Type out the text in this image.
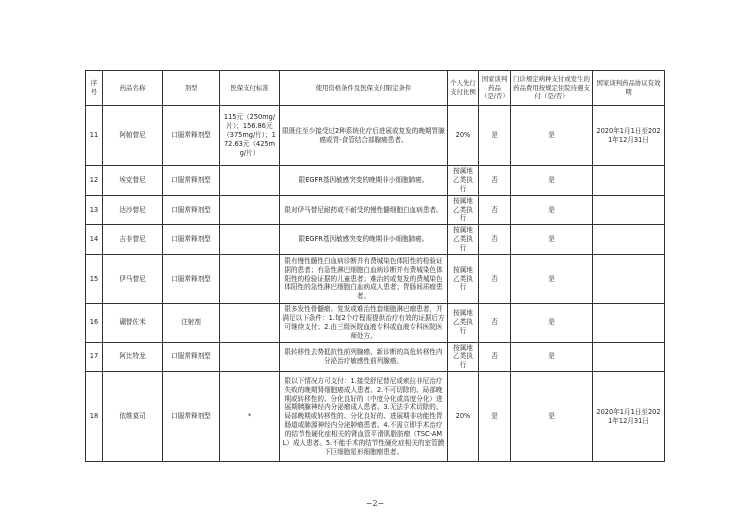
序号	药品名称	剂型	医保支付标准	使用资格条件及医保支付限定条件	个人先行支付比例	国家谈判药品（是/否）	门诊规定病种支付或发生的药品费用按规定住院待遇支付（是/否）	国家谈判药品协议有效期
11	阿帕替尼	口服常释剂型	115元（250mg/片）；156.86元（375mg/片）；172.63元（425mg/片）	限既往至少接受过2种系统化疗后进展或复发的晚期胃腺癌或胃-食管结合部腺癌患者。	20%	是	是	2020年1月1日至2021年12月31日
12	埃克替尼	口服常释剂型		限EGFR基因敏感突变的晚期非小细胞肺癌。	按属地乙类执行	否	是	
13	达沙替尼	口服常释剂型		限对伊马替尼耐药或不耐受的慢性髓细胞白血病患者。	按属地乙类执行	否	是	
14	吉非替尼	口服常释剂型		限EGFR基因敏感突变的晚期非小细胞肺癌。	按属地乙类执行	否	是	
15	伊马替尼	口服常释剂型		限有慢性髓性白血病诊断并有费城染色体阳性的检验证据的患者；有急性淋巴细胞白血病诊断并有费城染色体阳性的检验证据的儿童患者；难治的或复发的费城染色体阳性的急性淋巴细胞白血病成人患者；胃肠间质瘤患者。	按属地乙类执行	否	是	
16	硼替佐米	注射剂		限多发性骨髓瘤、复发或难治性套细胞淋巴瘤患者，并满足以下条件：1.每2个疗程需提供治疗有效的证据后方可继续支付；2.由三级医院血液专科或血液专科医院医师处方。	按属地乙类执行	否	是	
17	阿比特龙	口服常释剂型		限转移性去势抵抗性前列腺癌、新诊断的高危转移性内分泌治疗敏感性前列腺癌。	按属地乙类执行	否	是	
18	依维莫司	口服常释剂型	*	限以下情况方可支付：1.接受舒尼替尼或索拉非尼治疗失败的晚期肾细胞癌成人患者。2.不可切除的、局部晚期或转移性的、分化良好的（中度分化或高度分化）进展期胰腺神经内分泌瘤成人患者。3.无法手术切除的、局部晚期或转移性的、分化良好的、进展期非功能性胃肠道或肺源神经内分泌肿瘤患者。4.不需立即手术治疗的结节性硬化症相关的肾血管平滑肌脂肪瘤（TSC-AML）成人患者。5.不能手术的结节性硬化症相关的室管膜下巨细胞星形细胞瘤患者。	20%	是	是	2020年1月1日至2021年12月31日
−2−
